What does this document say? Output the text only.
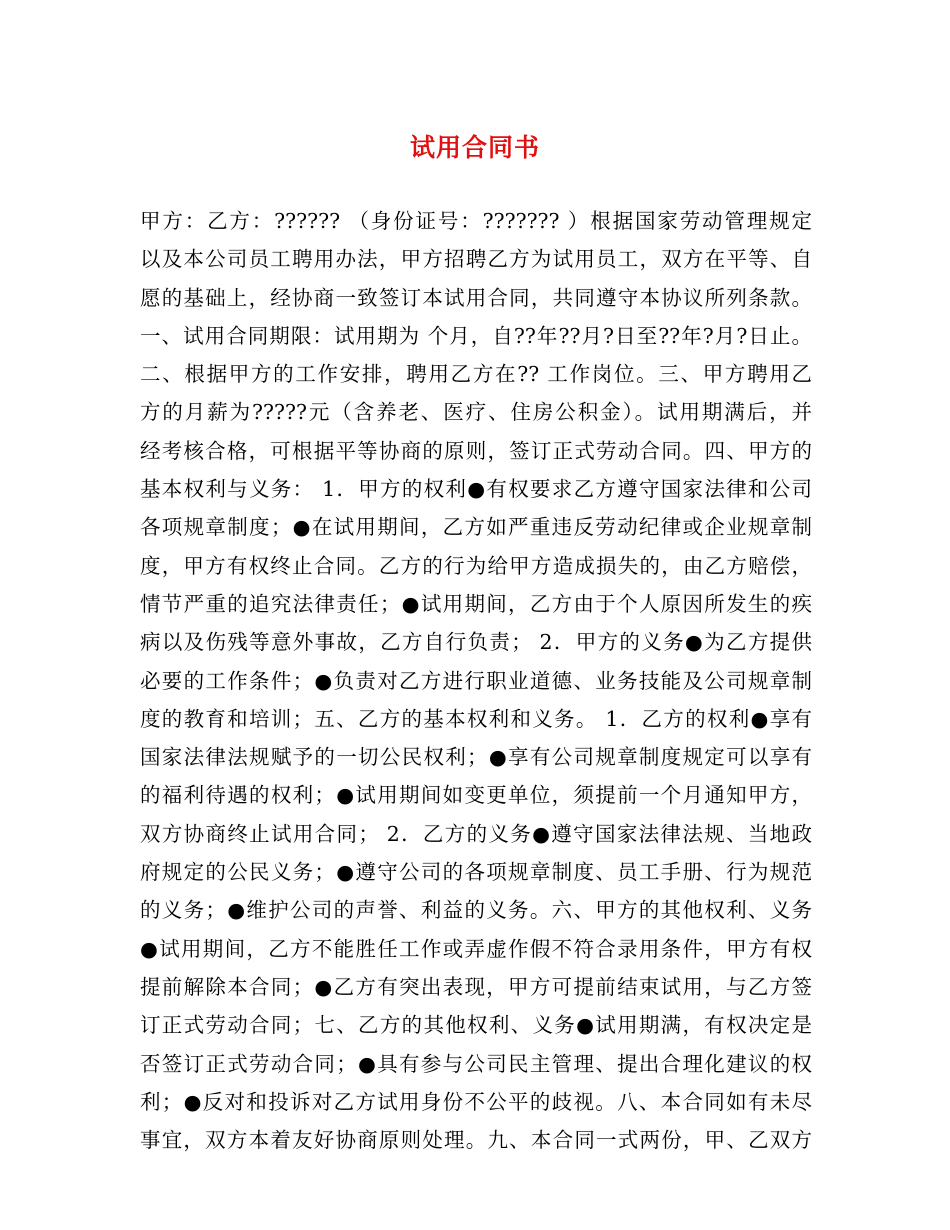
试用合同书
甲方：乙方：?????? （身份证号：??????? ）根据国家劳动管理规定
以及本公司员工聘用办法，甲方招聘乙方为试用员工，双方在平等、自
愿的基础上，经协商一致签订本试用合同，共同遵守本协议所列条款。
一、试用合同期限：试用期为 个月，自??年??月?日至??年?月?日止。
二、根据甲方的工作安排，聘用乙方在?? 工作岗位。三、甲方聘用乙
方的月薪为?????元（含养老、医疗、住房公积金）。试用期满后，并
经考核合格，可根据平等协商的原则，签订正式劳动合同。四、甲方的
基本权利与义务： 1．甲方的权利●有权要求乙方遵守国家法律和公司
各项规章制度；●在试用期间，乙方如严重违反劳动纪律或企业规章制
度，甲方有权终止合同。乙方的行为给甲方造成损失的，由乙方赔偿，
情节严重的追究法律责任；●试用期间，乙方由于个人原因所发生的疾
病以及伤残等意外事故，乙方自行负责； 2．甲方的义务●为乙方提供
必要的工作条件；●负责对乙方进行职业道德、业务技能及公司规章制
度的教育和培训；五、乙方的基本权利和义务。 1．乙方的权利●享有
国家法律法规赋予的一切公民权利；●享有公司规章制度规定可以享有
的福利待遇的权利；●试用期间如变更单位，须提前一个月通知甲方，
双方协商终止试用合同； 2．乙方的义务●遵守国家法律法规、当地政
府规定的公民义务；●遵守公司的各项规章制度、员工手册、行为规范
的义务；●维护公司的声誉、利益的义务。六、甲方的其他权利、义务
●试用期间，乙方不能胜任工作或弄虚作假不符合录用条件，甲方有权
提前解除本合同；●乙方有突出表现，甲方可提前结束试用，与乙方签
订正式劳动合同；七、乙方的其他权利、义务●试用期满，有权决定是
否签订正式劳动合同；●具有参与公司民主管理、提出合理化建议的权
利；●反对和投诉对乙方试用身份不公平的歧视。八、本合同如有未尽
事宜，双方本着友好协商原则处理。九、本合同一式两份，甲、乙双方
